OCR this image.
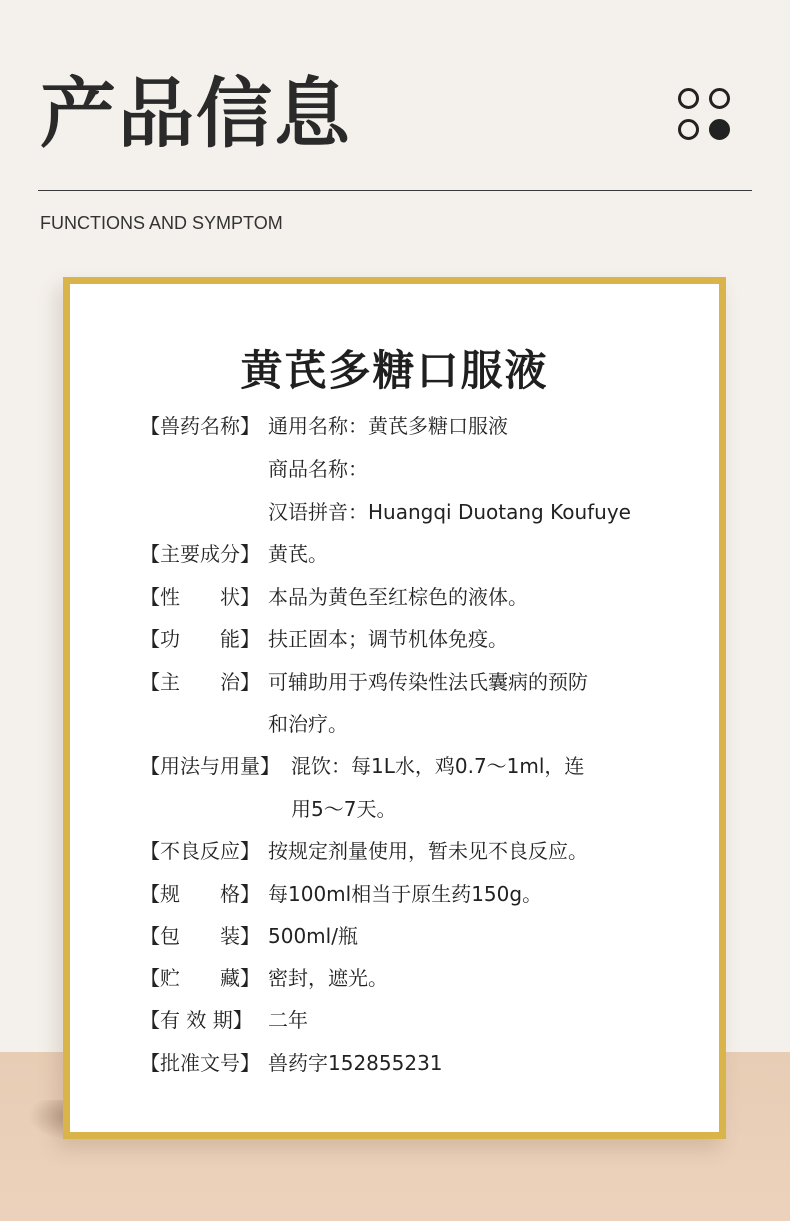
产品信息
FUNCTIONS AND SYMPTOM
黄芪多糖口服液
【兽药名称】 通用名称：黄芪多糖口服液
商品名称：
汉语拼音：Huangqi Duotang Koufuye
【主要成分】 黄芪。
【性　　状】 本品为黄色至红棕色的液体。
【功　　能】 扶正固本；调节机体免疫。
【主　　治】 可辅助用于鸡传染性法氏囊病的预防
和治疗。
【用法与用量】 混饮：每1L水，鸡0.7～1ml，连
用5～7天。
【不良反应】 按规定剂量使用，暂未见不良反应。
【规　　格】 每100ml相当于原生药150g。
【包　　装】 500ml/瓶
【贮　　藏】 密封，遮光。
【有 效 期】 二年
【批准文号】 兽药字152855231
